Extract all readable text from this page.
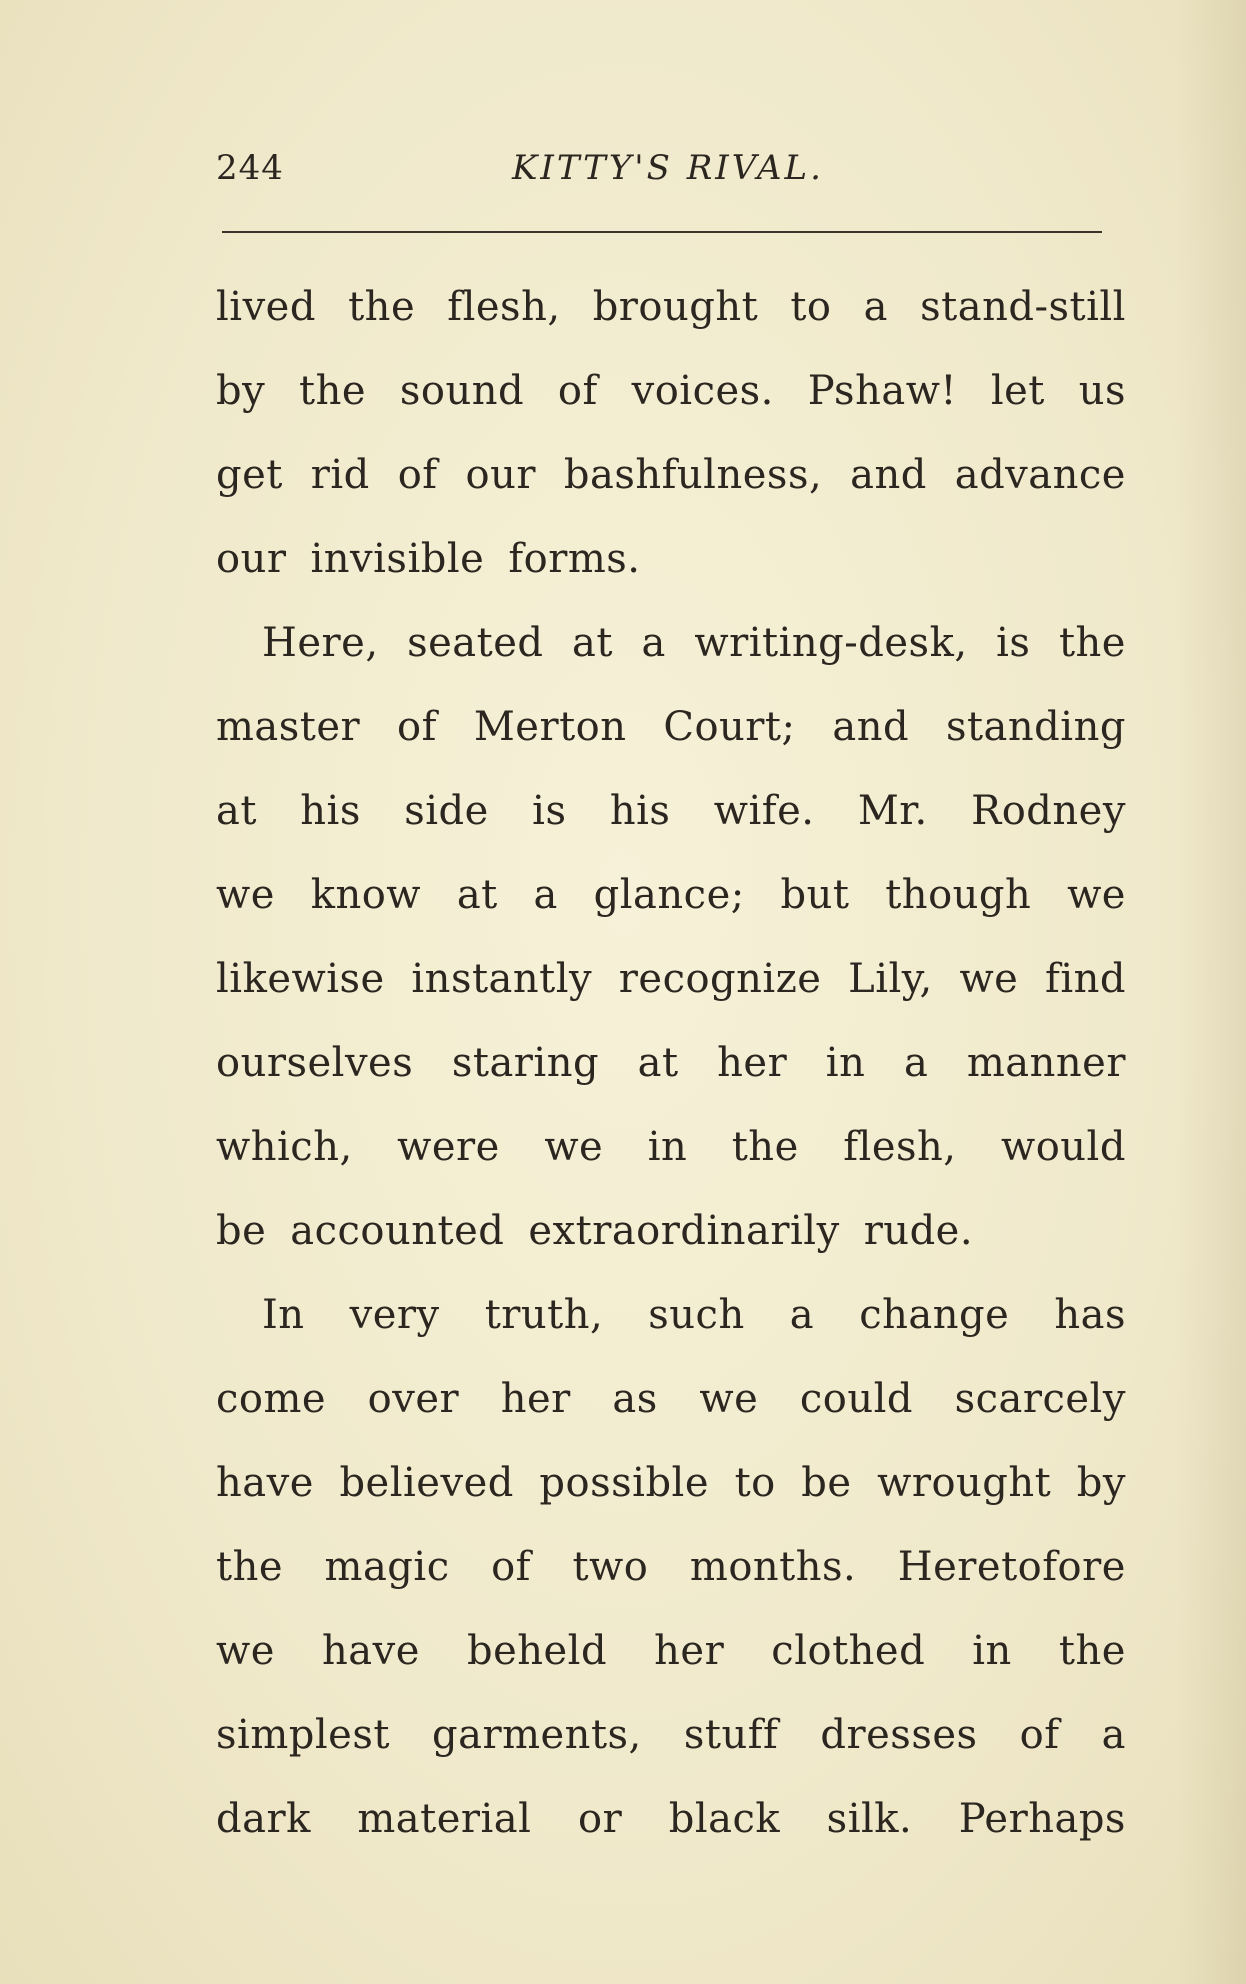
244	KITTY'S RIVAL.
lived the flesh, brought to a stand-still
by the sound of voices. Pshaw! let us
get rid of our bashfulness, and advance
our invisible forms.
Here, seated at a writing-desk, is the
master of Merton Court; and standing
at his side is his wife. Mr. Rodney
we know at a glance; but though we
likewise instantly recognize Lily, we find
ourselves staring at her in a manner
which, were we in the flesh, would
be accounted extraordinarily rude.
In very truth, such a change has
come over her as we could scarcely
have believed possible to be wrought by
the magic of two months. Heretofore
we have beheld her clothed in the
simplest garments, stuff dresses of a
dark material or black silk. Perhaps
